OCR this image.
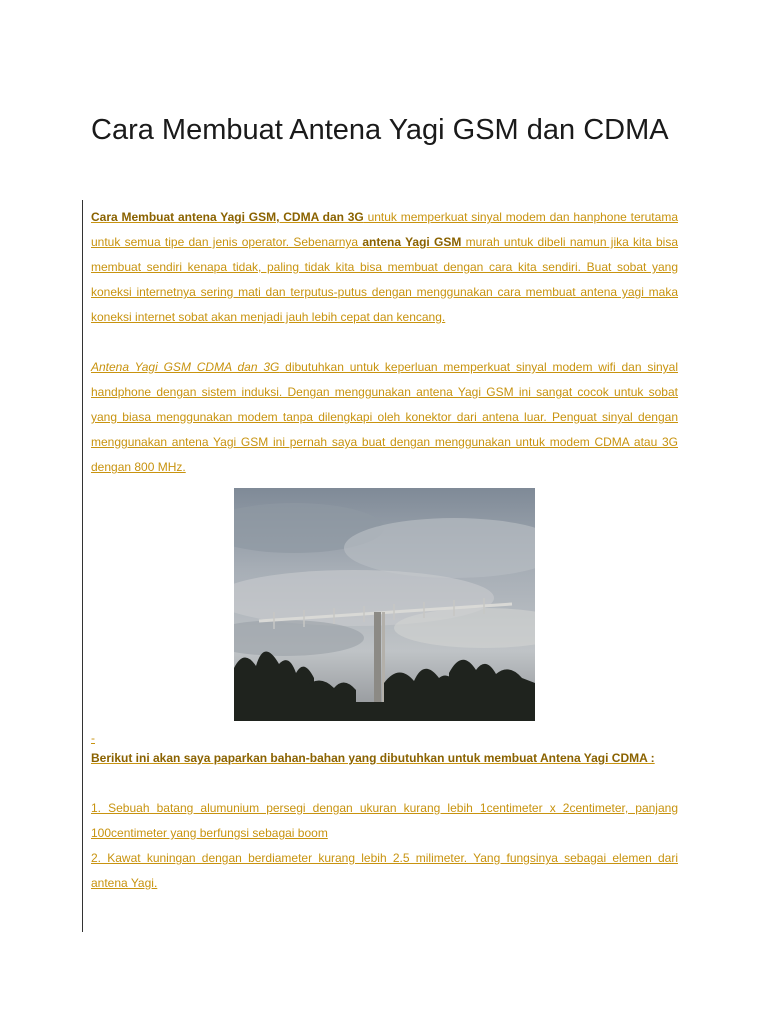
Cara Membuat Antena Yagi GSM dan CDMA

Cara Membuat antena Yagi GSM, CDMA dan 3G untuk memperkuat sinyal modem dan hanphone terutama untuk semua tipe dan jenis operator. Sebenarnya antena Yagi GSM murah untuk dibeli namun jika kita bisa membuat sendiri kenapa tidak, paling tidak kita bisa membuat dengan cara kita sendiri. Buat sobat yang koneksi internetnya sering mati dan terputus-putus dengan menggunakan cara membuat antena yagi maka koneksi internet sobat akan menjadi jauh lebih cepat dan kencang.

Antena Yagi GSM CDMA dan 3G dibutuhkan untuk keperluan memperkuat sinyal modem wifi dan sinyal handphone dengan sistem induksi. Dengan menggunakan antena Yagi GSM ini sangat cocok untuk sobat yang biasa menggunakan modem tanpa dilengkapi oleh konektor dari antena luar. Penguat sinyal dengan menggunakan antena Yagi GSM ini pernah saya buat dengan menggunakan untuk modem CDMA atau 3G dengan 800 MHz.

-

Berikut ini akan saya paparkan bahan-bahan yang dibutuhkan untuk membuat Antena Yagi CDMA :

1. Sebuah batang alumunium persegi dengan ukuran kurang lebih 1centimeter x 2centimeter, panjang 100centimeter yang berfungsi sebagai boom

2. Kawat kuningan dengan berdiameter kurang lebih 2.5 milimeter. Yang fungsinya sebagai elemen dari antena Yagi.
